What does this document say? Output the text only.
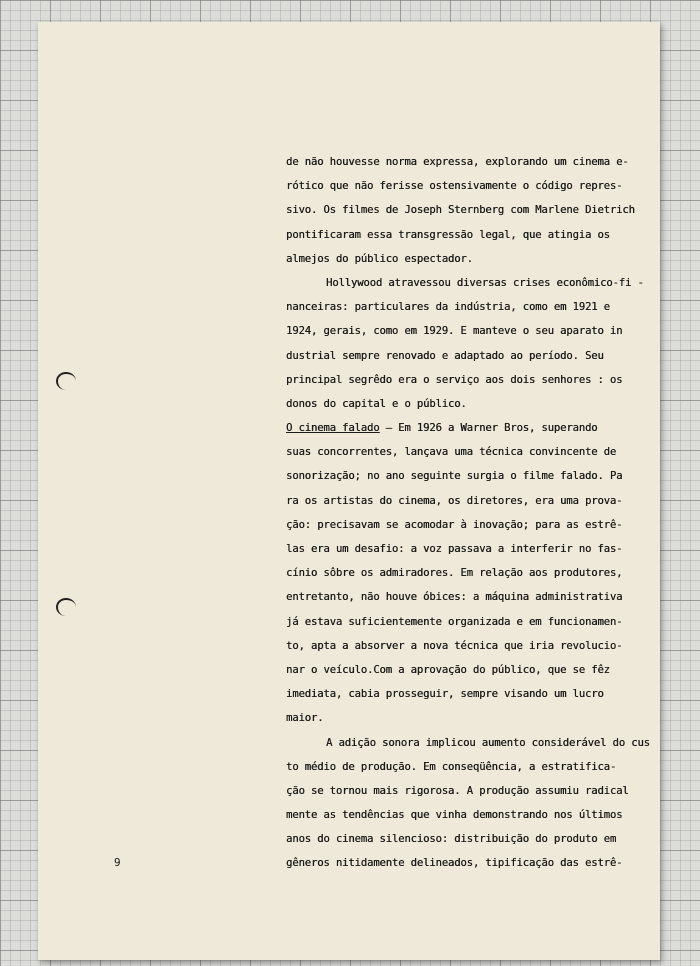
de não houvesse norma expressa, explorando um cinema e-
rótico que não ferisse ostensivamente o código repres-
sivo. Os filmes de Joseph Sternberg com Marlene Dietrich
pontificaram essa transgressão legal, que atingia os
almejos do público espectador.
Hollywood atravessou diversas crises econômico-fi -
nanceiras: particulares da indústria, como em 1921 e
1924, gerais, como em 1929. E manteve o seu aparato in
dustrial sempre renovado e adaptado ao período. Seu
principal segrêdo era o serviço aos dois senhores : os
donos do capital e o público.
O cinema falado – Em 1926 a Warner Bros, superando
suas concorrentes, lançava uma técnica convincente de
sonorização; no ano seguinte surgia o filme falado. Pa
ra os artistas do cinema, os diretores, era uma prova-
ção: precisavam se acomodar à inovação; para as estrê-
las era um desafio: a voz passava a interferir no fas-
cínio sôbre os admiradores. Em relação aos produtores,
entretanto, não houve óbices: a máquina administrativa
já estava suficientemente organizada e em funcionamen-
to, apta a absorver a nova técnica que iria revolucio-
nar o veículo.Com a aprovação do público, que se fêz
imediata, cabia prosseguir, sempre visando um lucro
maior.
A adição sonora implicou aumento considerável do cus
to médio de produção. Em conseqüência, a estratifica-
ção se tornou mais rigorosa. A produção assumiu radical
mente as tendências que vinha demonstrando nos últimos
anos do cinema silencioso: distribuição do produto em
gêneros nitidamente delineados, tipificação das estrê-
9
